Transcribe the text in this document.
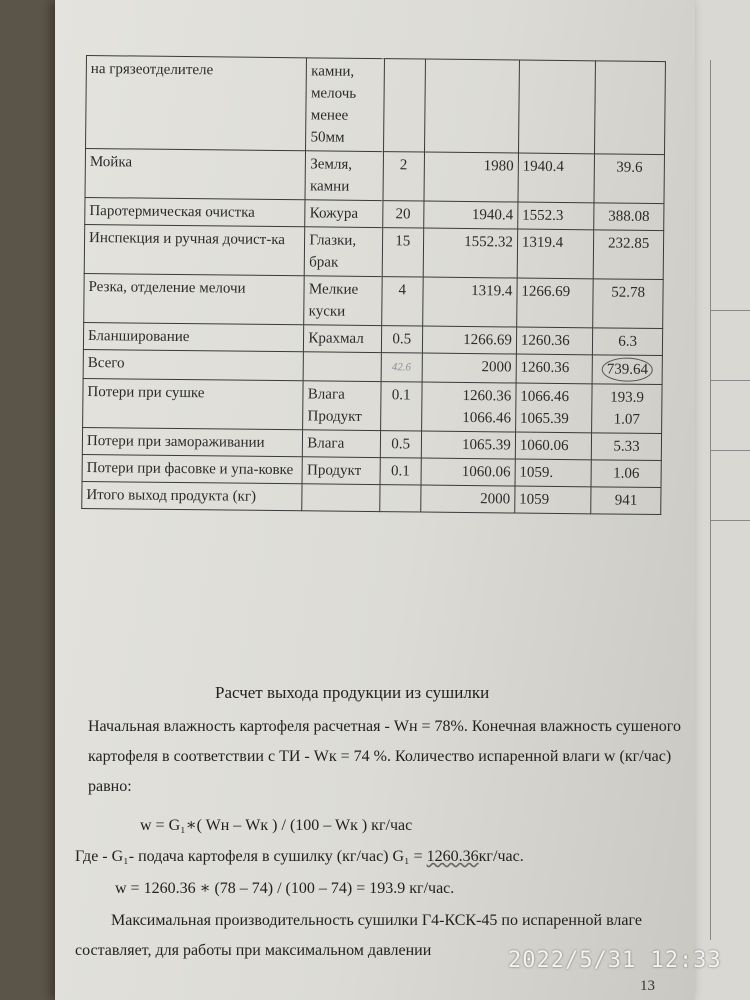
на грязеотделителе	камни, мелочь менее 50мм				
Мойка	Земля, камни	2	1980	1940.4	39.6
Паротермическая очистка	Кожура	20	1940.4	1552.3	388.08
Инспекция и ручная дочист-ка	Глазки, брак	15	1552.32	1319.4	232.85
Резка, отделение мелочи	Мелкие куски	4	1319.4	1266.69	52.78
Бланширование	Крахмал	0.5	1266.69	1260.36	6.3
Всего		42.6	2000	1260.36	739.64
Потери при сушке	Влага Продукт	0.1	1260.36 1066.46	1066.46 1065.39	193.9 1.07
Потери при замораживании	Влага	0.5	1065.39	1060.06	5.33
Потери при фасовке и упа-ковке	Продукт	0.1	1060.06	1059.	1.06
Итого выход продукта (кг)			2000	1059	941
Расчет выхода продукции из сушилки
Начальная влажность картофеля расчетная - Wн = 78%. Конечная влажность сушеного картофеля в соответствии с ТИ - Wк = 74 %. Количество испаренной влаги w (кг/час) равно:
w = G₁∗( Wн – Wк ) / (100 – Wк ) кг/час
Где - G₁- подача картофеля в сушилку (кг/час) G₁ = 1260.36кг/час.
w = 1260.36 ∗ (78 – 74) / (100 – 74) = 193.9 кг/час.
Максимальная производительность сушилки Г4-КСК-45 по испаренной влаге составляет, для работы при максимальном давлении
13
2022/5/31 12:33
